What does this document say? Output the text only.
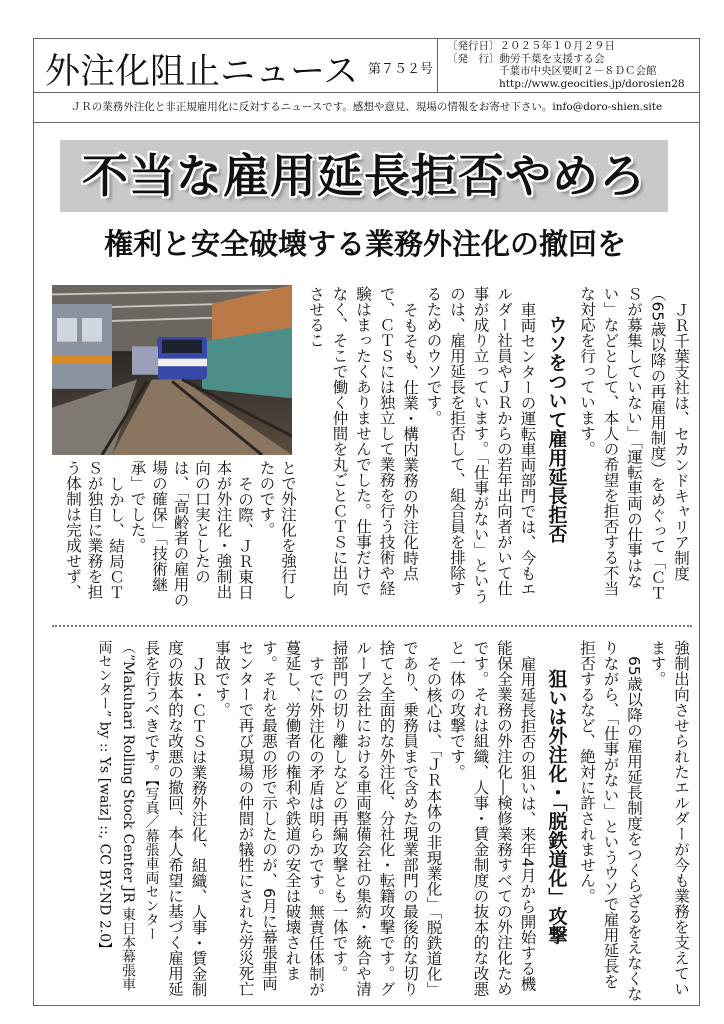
外注化阻止ニュース 第７５２号
〔発行日〕２０２５年１０月２９日
〔発　行〕動労千葉を支援する会
千葉市中央区要町２－８ＤＣ会館
http://www.geocities.jp/dorosien28
ＪＲの業務外注化と非正規雇用化に反対するニュースです。感想や意見、現場の情報をお寄せ下さい。info@doro-shien.site
不当な雇用延長拒否やめろ
権利と安全破壊する業務外注化の撤回を

ＪＲ千葉支社は、セカンドキャリア制度（65歳以降の再雇用制度）をめぐって「ＣＴＳが募集していない」「運転車両の仕事はない」などとして、本人の希望を拒否する不当な対応を行っています。

ウソをついて雇用延長拒否

車両センターの運転車両部門では、今もエルダー社員やＪＲからの若年出向者がいて仕事が成り立っています。「仕事がない」というのは、雇用延長を拒否して、組合員を排除するためのウソです。

そもそも、仕業・構内業務の外注化時点で、ＣＴＳには独立して業務を行う技術や経験はまったくありませんでした。仕事だけでなく、そこで働く仲間を丸ごとＣＴＳに出向させるこ

とで外注化を強行したのです。

その際、ＪＲ東日本が外注化・強制出向の口実としたのは、「高齢者の雇用の場の確保」「技術継承」でした。

しかし、結局ＣＴＳが独自に業務を担う体制は完成せず、

強制出向させられたエルダーが今も業務を支えています。

65歳以降の雇用延長制度をつくらざるをえなくなりながら、「仕事がない」というウソで雇用延長を拒否するなど、絶対に許されません。

狙いは外注化・「脱鉄道化」攻撃

雇用延長拒否の狙いは、来年4月から開始する機能保全業務の外注化―検修業務すべての外注化ためです。それは組織、人事・賃金制度の抜本的な改悪と一体の攻撃です。

その核心は、「ＪＲ本体の非現業化」「脱鉄道化」であり、乗務員まで含めた現業部門の最後的な切り捨てと全面的な外注化、分社化・転籍攻撃です。グループ会社における車両整備会社の集約・統合や清掃部門の切り離しなどの再編攻撃とも一体です。

すでに外注化の矛盾は明らかです。無責任体制が蔓延し、労働者の権利や鉄道の安全は破壊されます。それを最悪の形で示したのが、6月に幕張車両センターで再び現場の仲間が犠牲にされた労災死亡事故です。

ＪＲ・ＣＴＳは業務外注化、組織、人事・賃金制度の抜本的な改悪の撤回、本人希望に基づく雇用延長を行うべきです。【写真／幕張車両センター（”Makuhari Rolling Stock Center JR 東日本幕張車両センター” by :: Ys [waiz] ::, CC BY-ND 2.0】
